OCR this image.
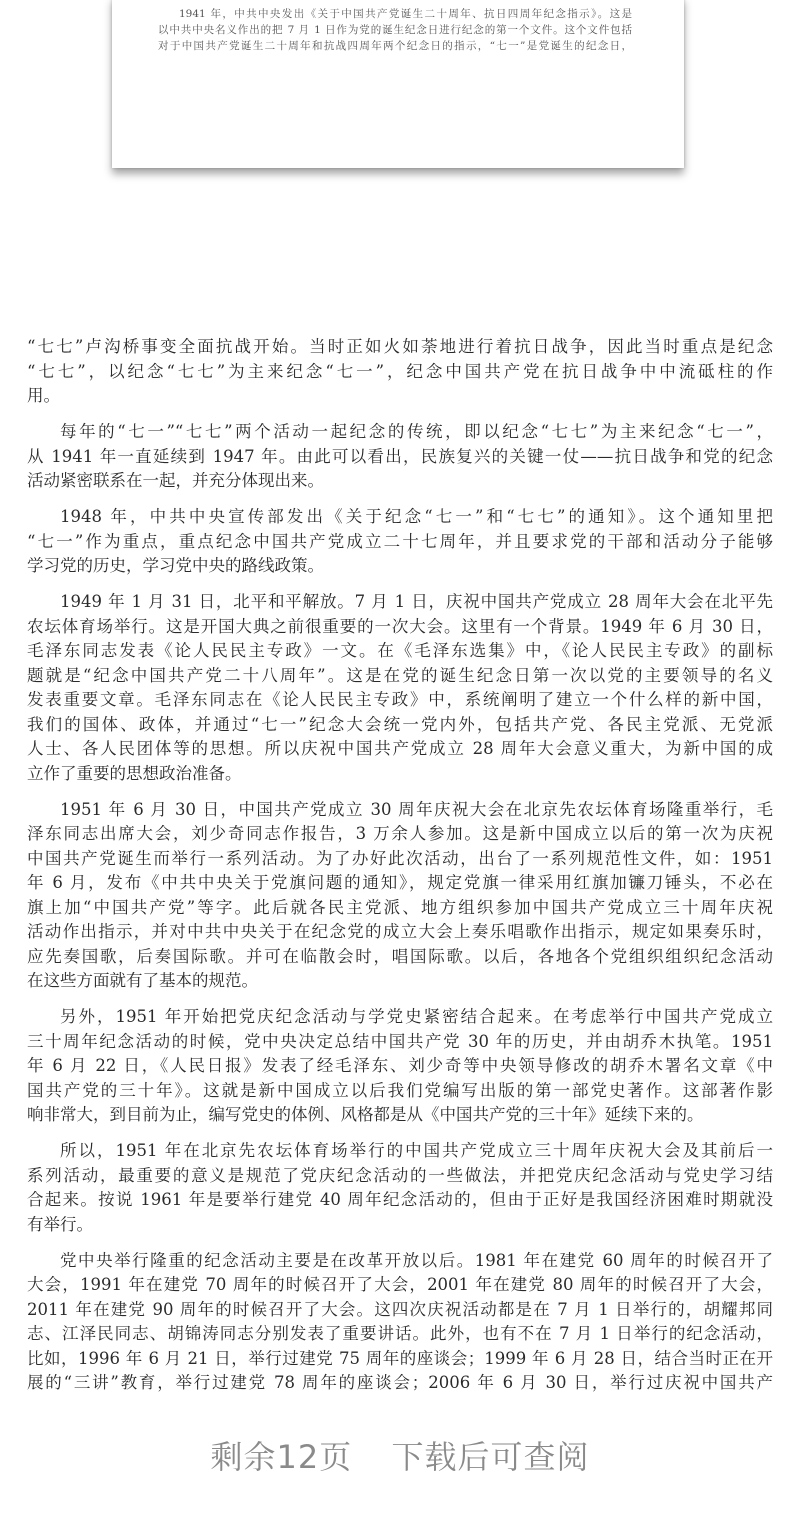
1941 年，中共中央发出《关于中国共产党诞生二十周年、抗日四周年纪念指示》。这是
以中共中央名义作出的把 7 月 1 日作为党的诞生纪念日进行纪念的第一个文件。这个文件包括
对于中国共产党诞生二十周年和抗战四周年两个纪念日的指示，“七一”是党诞生的纪念日，
“七七”卢沟桥事变全面抗战开始。当时正如火如荼地进行着抗日战争，因此当时重点是纪念
“七七”，以纪念“七七”为主来纪念“七一”，纪念中国共产党在抗日战争中中流砥柱的作
用。
每年的“七一”“七七”两个活动一起纪念的传统，即以纪念“七七”为主来纪念“七一”，
从 1941 年一直延续到 1947 年。由此可以看出，民族复兴的关键一仗——抗日战争和党的纪念
活动紧密联系在一起，并充分体现出来。
1948 年，中共中央宣传部发出《关于纪念“七一”和“七七”的通知》。这个通知里把
“七一”作为重点，重点纪念中国共产党成立二十七周年，并且要求党的干部和活动分子能够
学习党的历史，学习党中央的路线政策。
1949 年 1 月 31 日，北平和平解放。7 月 1 日，庆祝中国共产党成立 28 周年大会在北平先
农坛体育场举行。这是开国大典之前很重要的一次大会。这里有一个背景。1949 年 6 月 30 日，
毛泽东同志发表《论人民民主专政》一文。在《毛泽东选集》中，《论人民民主专政》的副标
题就是“纪念中国共产党二十八周年”。这是在党的诞生纪念日第一次以党的主要领导的名义
发表重要文章。毛泽东同志在《论人民民主专政》中，系统阐明了建立一个什么样的新中国，
我们的国体、政体，并通过“七一”纪念大会统一党内外，包括共产党、各民主党派、无党派
人士、各人民团体等的思想。所以庆祝中国共产党成立 28 周年大会意义重大，为新中国的成
立作了重要的思想政治准备。
1951 年 6 月 30 日，中国共产党成立 30 周年庆祝大会在北京先农坛体育场隆重举行，毛
泽东同志出席大会，刘少奇同志作报告，3 万余人参加。这是新中国成立以后的第一次为庆祝
中国共产党诞生而举行一系列活动。为了办好此次活动，出台了一系列规范性文件，如：1951
年 6 月，发布《中共中央关于党旗问题的通知》，规定党旗一律采用红旗加镰刀锤头，不必在
旗上加“中国共产党”等字。此后就各民主党派、地方组织参加中国共产党成立三十周年庆祝
活动作出指示，并对中共中央关于在纪念党的成立大会上奏乐唱歌作出指示，规定如果奏乐时，
应先奏国歌，后奏国际歌。并可在临散会时，唱国际歌。以后，各地各个党组织组织纪念活动
在这些方面就有了基本的规范。
另外，1951 年开始把党庆纪念活动与学党史紧密结合起来。在考虑举行中国共产党成立
三十周年纪念活动的时候，党中央决定总结中国共产党 30 年的历史，并由胡乔木执笔。1951
年 6 月 22 日，《人民日报》发表了经毛泽东、刘少奇等中央领导修改的胡乔木署名文章《中
国共产党的三十年》。这就是新中国成立以后我们党编写出版的第一部党史著作。这部著作影
响非常大，到目前为止，编写党史的体例、风格都是从《中国共产党的三十年》延续下来的。
所以，1951 年在北京先农坛体育场举行的中国共产党成立三十周年庆祝大会及其前后一
系列活动，最重要的意义是规范了党庆纪念活动的一些做法，并把党庆纪念活动与党史学习结
合起来。按说 1961 年是要举行建党 40 周年纪念活动的，但由于正好是我国经济困难时期就没
有举行。
党中央举行隆重的纪念活动主要是在改革开放以后。1981 年在建党 60 周年的时候召开了
大会，1991 年在建党 70 周年的时候召开了大会，2001 年在建党 80 周年的时候召开了大会，
2011 年在建党 90 周年的时候召开了大会。这四次庆祝活动都是在 7 月 1 日举行的，胡耀邦同
志、江泽民同志、胡锦涛同志分别发表了重要讲话。此外，也有不在 7 月 1 日举行的纪念活动，
比如，1996 年 6 月 21 日，举行过建党 75 周年的座谈会；1999 年 6 月 28 日，结合当时正在开
展的“三讲”教育，举行过建党 78 周年的座谈会；2006 年 6 月 30 日，举行过庆祝中国共产
剩余12页 下载后可查阅
